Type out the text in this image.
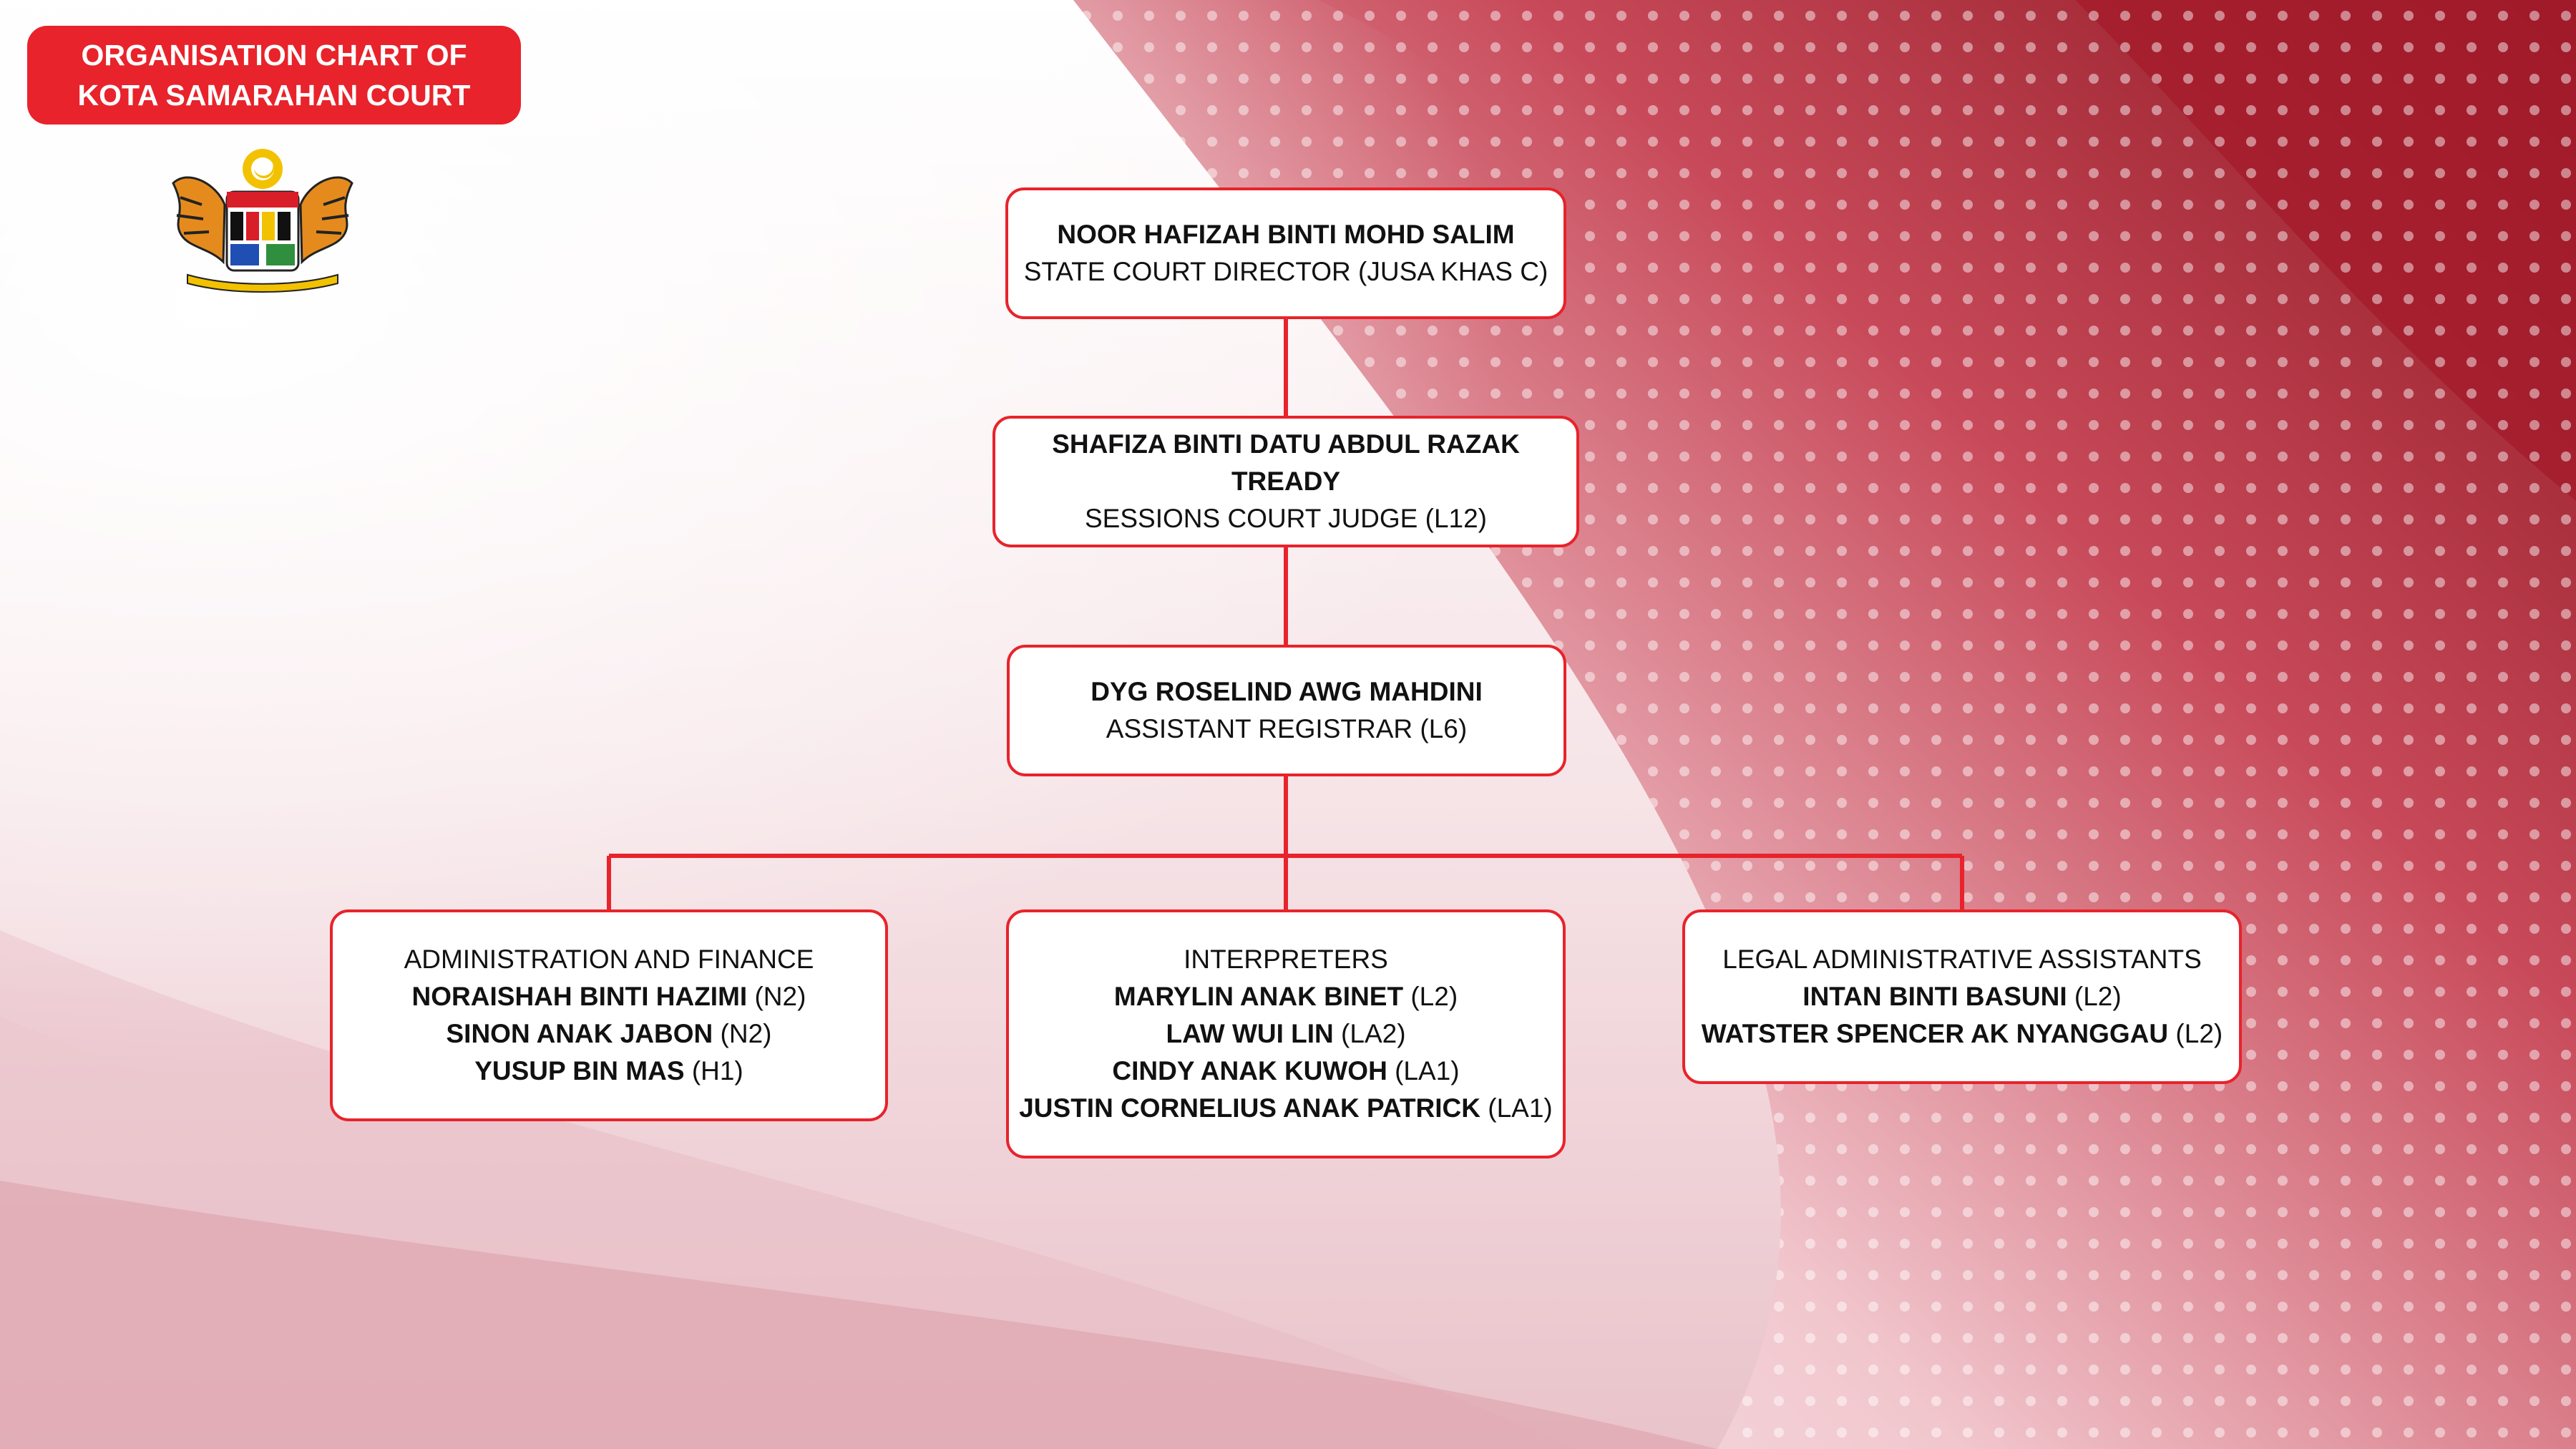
ORGANISATION CHART OF
KOTA SAMARAHAN COURT
NOOR HAFIZAH BINTI MOHD SALIM
STATE COURT DIRECTOR (JUSA KHAS C)
SHAFIZA BINTI DATU ABDUL RAZAK TREADY
SESSIONS COURT JUDGE (L12)
DYG ROSELIND AWG MAHDINI
ASSISTANT REGISTRAR (L6)
ADMINISTRATION AND FINANCE
NORAISHAH BINTI HAZIMI (N2)
SINON ANAK JABON (N2)
YUSUP BIN MAS (H1)
INTERPRETERS
MARYLIN ANAK BINET (L2)
LAW WUI LIN (LA2)
CINDY ANAK KUWOH (LA1)
JUSTIN CORNELIUS ANAK PATRICK (LA1)
LEGAL ADMINISTRATIVE ASSISTANTS
INTAN BINTI BASUNI (L2)
WATSTER SPENCER AK NYANGGAU (L2)
